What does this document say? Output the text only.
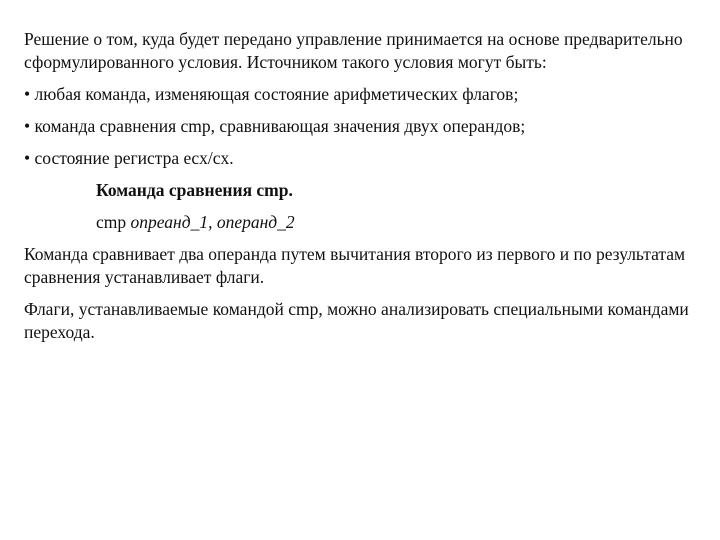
Решение о том, куда будет передано управление принимается на основе предварительно сформулированного условия. Источником такого условия могут быть:

• любая команда, изменяющая состояние арифметических флагов;

• команда сравнения cmp, сравнивающая значения двух операндов;

• состояние регистра ecx/cx.

Команда сравнения cmp.

cmp опреанд_1, операнд_2

Команда сравнивает два операнда путем вычитания второго из первого и по результатам сравнения устанавливает флаги.

Флаги, устанавливаемые командой cmp, можно анализировать специальными командами перехода.
